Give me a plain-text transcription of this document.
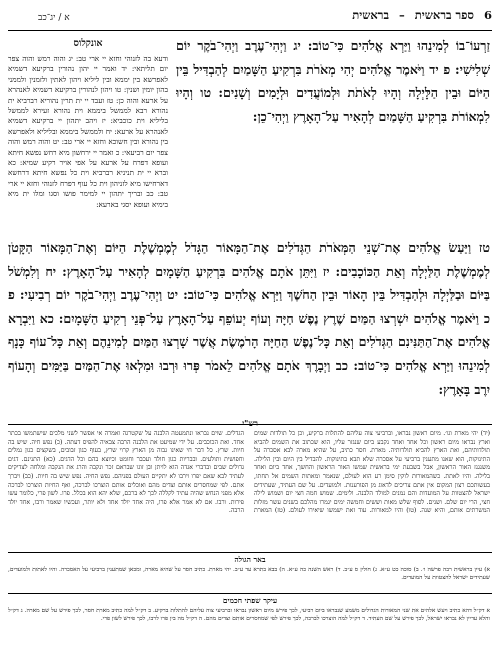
6 ספר בראשית – בראשית
א / יג־כב
אונקלוס
ודעא בה לזנוהי וחזא יי ארי טב: יג והוה רמש והוה צפר יום תליתאי: יד ואמר יי יהון נהורין ברקיעא דשמיא לאפרשא בין יממא ובין ליליא ויהון לאתין ולזמנין ולממני בהון יומין ושנין: טו ויהון לנהורין ברקיעא דשמיא לאנהרא על ארעא והוה כן: טז ועבד יי ית תרין נהוריא רברביא ית נהורא רבא לממשל ביממא וית נהורא זעירא לממשל בליליא וית כוכביא: יז ויהב יתהון יי ברקיעא דשמיא לאנהרא על ארעא: יח ולממשל ביממא ובליליא ולאפרשא בין נהורא ובין חשוכא וחזא יי ארי טב: יט והוה רמש והוה צפר יום רביעאי: כ ואמר יי ירחשון מיא רחש נפשא חיתא ועופא דפרח על ארעא על אפי אויר רקיע שמיא: כא וברא יי ית תניניא רברביא וית כל נפשא חיתא דרחשא דארחישו מיא לזניהון וית כל עוף דפרח לזנוהי וחזא יי ארי טב: כב ובריך יתהון יי למימר פושו וסגו ומלו ית מיא בימיא ועופא יסגי בארעא:
זַרְעוֹ־בוֹ לְמִינֵהוּ וַיַּרְא אֱלֹהִים כִּי־טוֹב: יג וַיְהִי־עֶרֶב וַיְהִי־בֹקֶר יוֹם שְׁלִישִׁי: פ יד וַיֹּאמֶר אֱלֹהִים יְהִי מְאֹרֹת בִּרְקִיעַ הַשָּׁמַיִם לְהַבְדִּיל בֵּין הַיּוֹם וּבֵין הַלָּיְלָה וְהָיוּ לְאֹתֹת וּלְמוֹעֲדִים וּלְיָמִים וְשָׁנִים: טו וְהָיוּ לִמְאוֹרֹת בִּרְקִיעַ הַשָּׁמַיִם לְהָאִיר עַל־הָאָרֶץ וַיְהִי־כֵן:
טז וַיַּעַשׂ אֱלֹהִים אֶת־שְׁנֵי הַמְּאֹרֹת הַגְּדֹלִים אֶת־הַמָּאוֹר הַגָּדֹל לְמֶמְשֶׁלֶת הַיּוֹם וְאֶת־הַמָּאוֹר הַקָּטֹן לְמֶמְשֶׁלֶת הַלַּיְלָה וְאֵת הַכּוֹכָבִים: יז וַיִּתֵּן אֹתָם אֱלֹהִים בִּרְקִיעַ הַשָּׁמָיִם לְהָאִיר עַל־הָאָרֶץ: יח וְלִמְשֹׁל בַּיּוֹם וּבַלַּיְלָה וּלְהַבְדִּיל בֵּין הָאוֹר וּבֵין הַחֹשֶׁךְ וַיַּרְא אֱלֹהִים כִּי־טוֹב: יט וַיְהִי־עֶרֶב וַיְהִי־בֹקֶר יוֹם רְבִיעִי: פ כ וַיֹּאמֶר אֱלֹהִים יִשְׁרְצוּ הַמַּיִם שֶׁרֶץ נֶפֶשׁ חַיָּה וְעוֹף יְעוֹפֵף עַל־הָאָרֶץ עַל־פְּנֵי רְקִיעַ הַשָּׁמָיִם: כא וַיִּבְרָא אֱלֹהִים אֶת־הַתַּנִּינִם הַגְּדֹלִים וְאֵת כָּל־נֶפֶשׁ הַחַיָּה הָרֹמֶשֶׂת אֲשֶׁר שָׁרְצוּ הַמַּיִם לְמִינֵהֶם וְאֵת כָּל־עוֹף כָּנָף לְמִינֵהוּ וַיַּרְא אֱלֹהִים כִּי־טוֹב: כב וַיְבָרֶךְ אֹתָם אֱלֹהִים לֵאמֹר פְּרוּ וּרְבוּ וּמִלְאוּ אֶת־הַמַּיִם בַּיַּמִּים וְהָעוֹף יִרֶב בָּאָרֶץ:
רש"י
(יד) יהי מארת וגו׳. מיום ראשון נבראו, וברביעי צוה עליהם להתלות ברקיע, וכן כל תולדות שמים וארץ נבראו מיום ראשון וכל אחד ואחד נקבע ביום שנגזר עליו, הוא שכתוב את השמים להביא תולדותיהם, ואת הארץ להביא תולדותיה. מארת. חסר כתיב, על שהיא מארה לבא אסכרה על התינוקות, הוא שאנו מתענין ברביעי על אסכרה שלא תבא בתינוקות. להבדיל בין היום ובין הלילה. משנגנז האור הראשון, אבל בשבעת ימי בראשית שמשו האור הראשון והחשך, אחד ביום ואחד בלילה. והיו לאתת. כשהמאורות לוקין סימן רע הוא לעולם, שנאמר ומאתות השמים אל תחתו, בעשותכם רצון המקום אין אתם צריכים לדאוג מן הפורענות. ולמועדים. על שם העתיד, שעתידים ישראל להצטוות על המועדות והם נמנים למולד הלבנה. ולימים. שמוש חמה חצי יום ושמוש לילה חצי, הרי יום שלם. ושנים. לסוף שלש מאות וששים וחמשה ימים יגמרו מהלכם בשנים עשר מזלות המשרתים אותם, והיא שנה. (טו) והיו למאורות. עוד זאת ישמשו שיאירו לעולם. (טז) המארת הגדלים. שוים נבראו ונתמעטה הלבנה על שקטרגה ואמרה אי אפשר לשני מלכים שישתמשו בכתר אחד. ואת הכוכבים. על ידי שמיעט את הלבנה הרבה צבאיה להפיס דעתה. (כ) נפש חיה. שיש בה חיות. שרץ. כל דבר חי שאינו גבוה מן הארץ קרוי שרץ, בעוף כגון זבובים, בשקצים כגון נמלים וחפושית ותולעים. ובבריות כגון חולד ועכבר וחומט וכיוצא בהם וכל הדגים. (כא) התנינם. דגים גדולים שבים ובדברי אגדה הוא לויתן ובן זוגו שבראם זכר ונקבה והרג את הנקבה ומלחה לצדיקים לעתיד לבא שאם יפרו וירבו לא יתקיים העולם בפניהם. נפש החיה. נפש שיש בה חיות. (כב) ויברך אתם. לפי שמחסרים אותם וצדים מהם ואוכלים אותם הוצרכו לברכה, ואף החיות הוצרכו לברכה אלא מפני הנחש שהיה עתיד לקללה לכך לא ברכם, שלא יהא הוא בכלל. פרו. לשון פרי, כלומר עשו פירות. ורבו. אם לא אמר אלא פרו, היה אחד יולד אחד ולא יותר, ועכשיו שאמר ורבו, אחד יולד הרבה.
באר הגולה
א) עיין בראשית רבה פרשה ו׳. ב) סוכה כט ע״א. ג) חולין ס ע״ב. ד) ראש השנה כה ע״א. ה) בבא בתרא עד ע״ב. יהי מארת. כתיב חסר על שהיא מארה, ומכאן שמתענין ברביעי על האסכרה. והיו לאתות ולמועדים, שעתידים ישראל להצטוות על המועדים.
עיקר שפתי חכמים
א דק״ל דהא כתיב ויעש אלהים את שני המאורות הגדולים משמע שנבראו ביום רביעי, לכך פירש מיום ראשון נבראו וברביעי צוה עליהם להתלות ברקיע. ב דק״ל למה כתיב מארת חסר, לכך פירש על שם מארה. ג דק״ל והלא עדיין לא נבראו ישראל, לכך פירש על שם העתיד. ד דק״ל למה הוצרכו לברכה, לכך פירש לפי שמחסרים אותם וצדים מהם. ה דק״ל מה בין פרו לרבו, לכך פירש לשון פרי.
